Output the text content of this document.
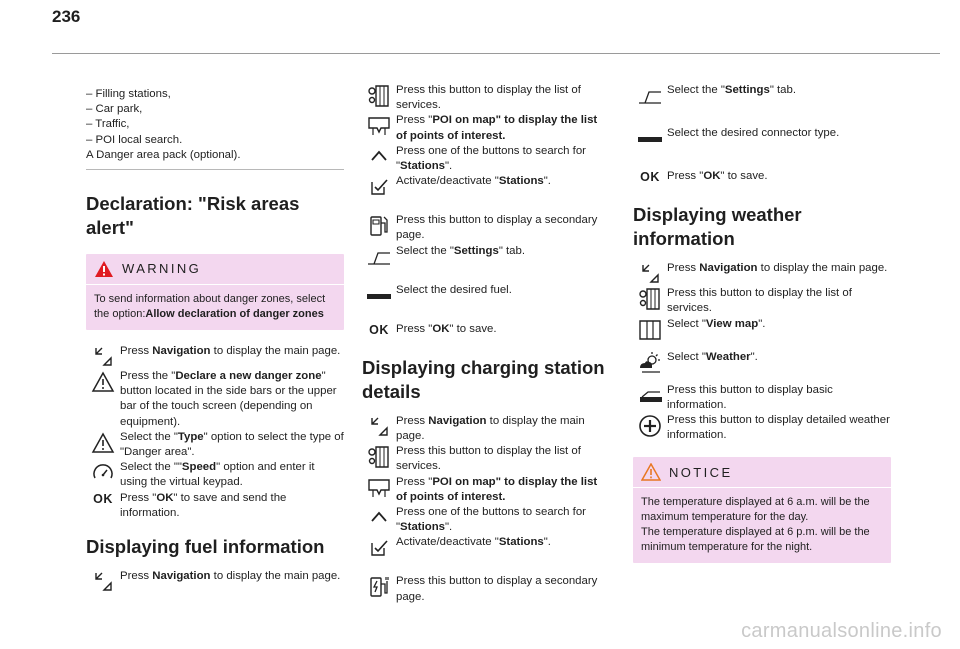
236
– Filling stations,
– Car park,
– Traffic,
– POI local search.
A Danger area pack (optional).
Declaration: "Risk areas alert"
WARNING
To send information about danger zones, select the option:Allow declaration of danger zones
Press Navigation to display the main page.
Press the "Declare a new danger zone" button located in the side bars or the upper bar of the touch screen (depending on equipment).
Select the "Type" option to select the type of "Danger area".
Select the ""Speed" option and enter it using the virtual keypad.
OK Press "OK" to save and send the information.
Displaying fuel information
Press Navigation to display the main page.
Press this button to display the list of services.
Press "POI on map" to display the list of points of interest.
Press one of the buttons to search for "Stations".
Activate/deactivate "Stations".
Press this button to display a secondary page.
Select the "Settings" tab.
Select the desired fuel.
OK Press "OK" to save.
Displaying charging station details
Press Navigation to display the main page.
Press this button to display the list of services.
Press "POI on map" to display the list of points of interest.
Press one of the buttons to search for "Stations".
Activate/deactivate "Stations".
Press this button to display a secondary page.
Select the "Settings" tab.
Select the desired connector type.
OK Press "OK" to save.
Displaying weather information
Press Navigation to display the main page.
Press this button to display the list of services.
Select "View map".
Select "Weather".
Press this button to display basic information.
Press this button to display detailed weather information.
NOTICE
The temperature displayed at 6 a.m. will be the maximum temperature for the day.
The temperature displayed at 6 p.m. will be the minimum temperature for the night.
carmanualsonline.info
